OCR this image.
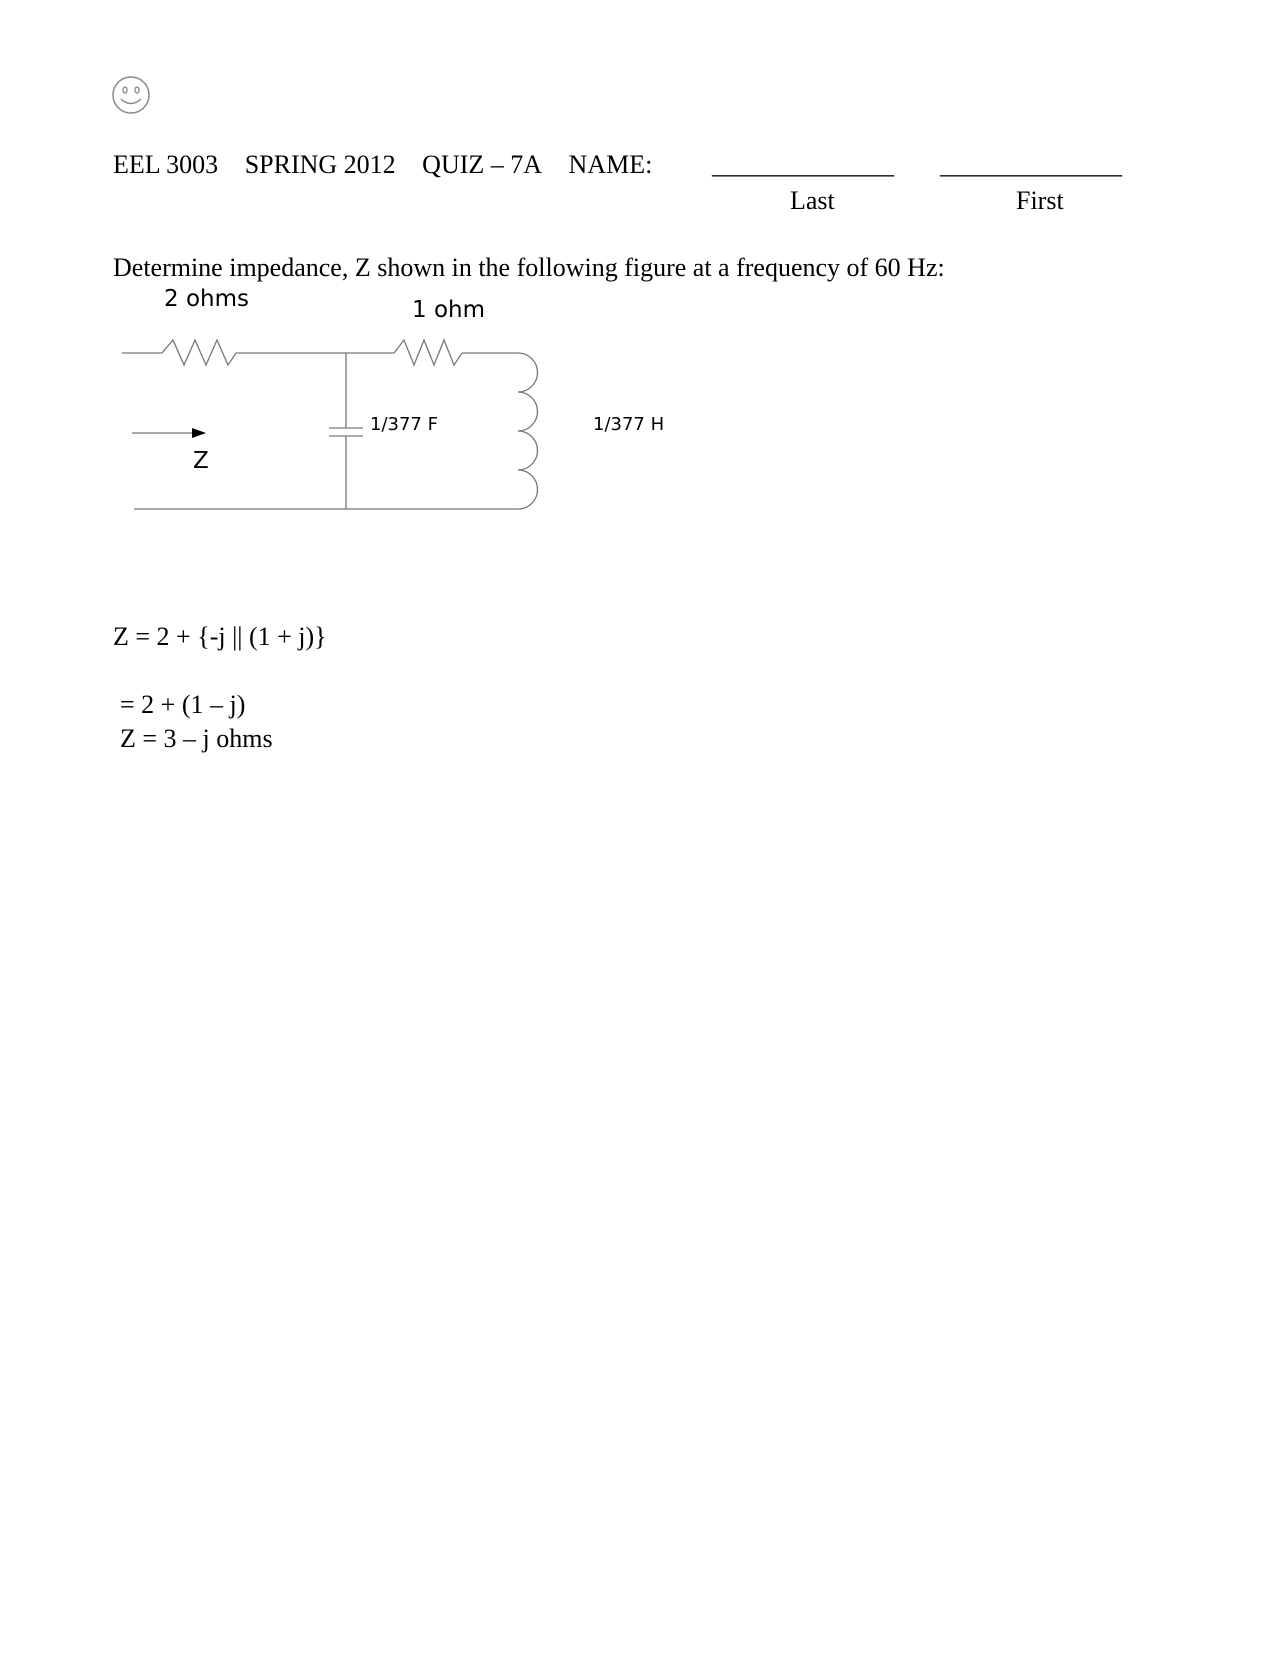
EEL 3003 SPRING 2012 QUIZ – 7A NAME: ______________ ______________
Last	First
Determine impedance, Z shown in the following figure at a frequency of 60 Hz:
2 ohms	1 ohm
1/377 F	1/377 H
Z
Z = 2 + {-j || (1 + j)}
= 2 + (1 – j)
Z = 3 – j ohms
